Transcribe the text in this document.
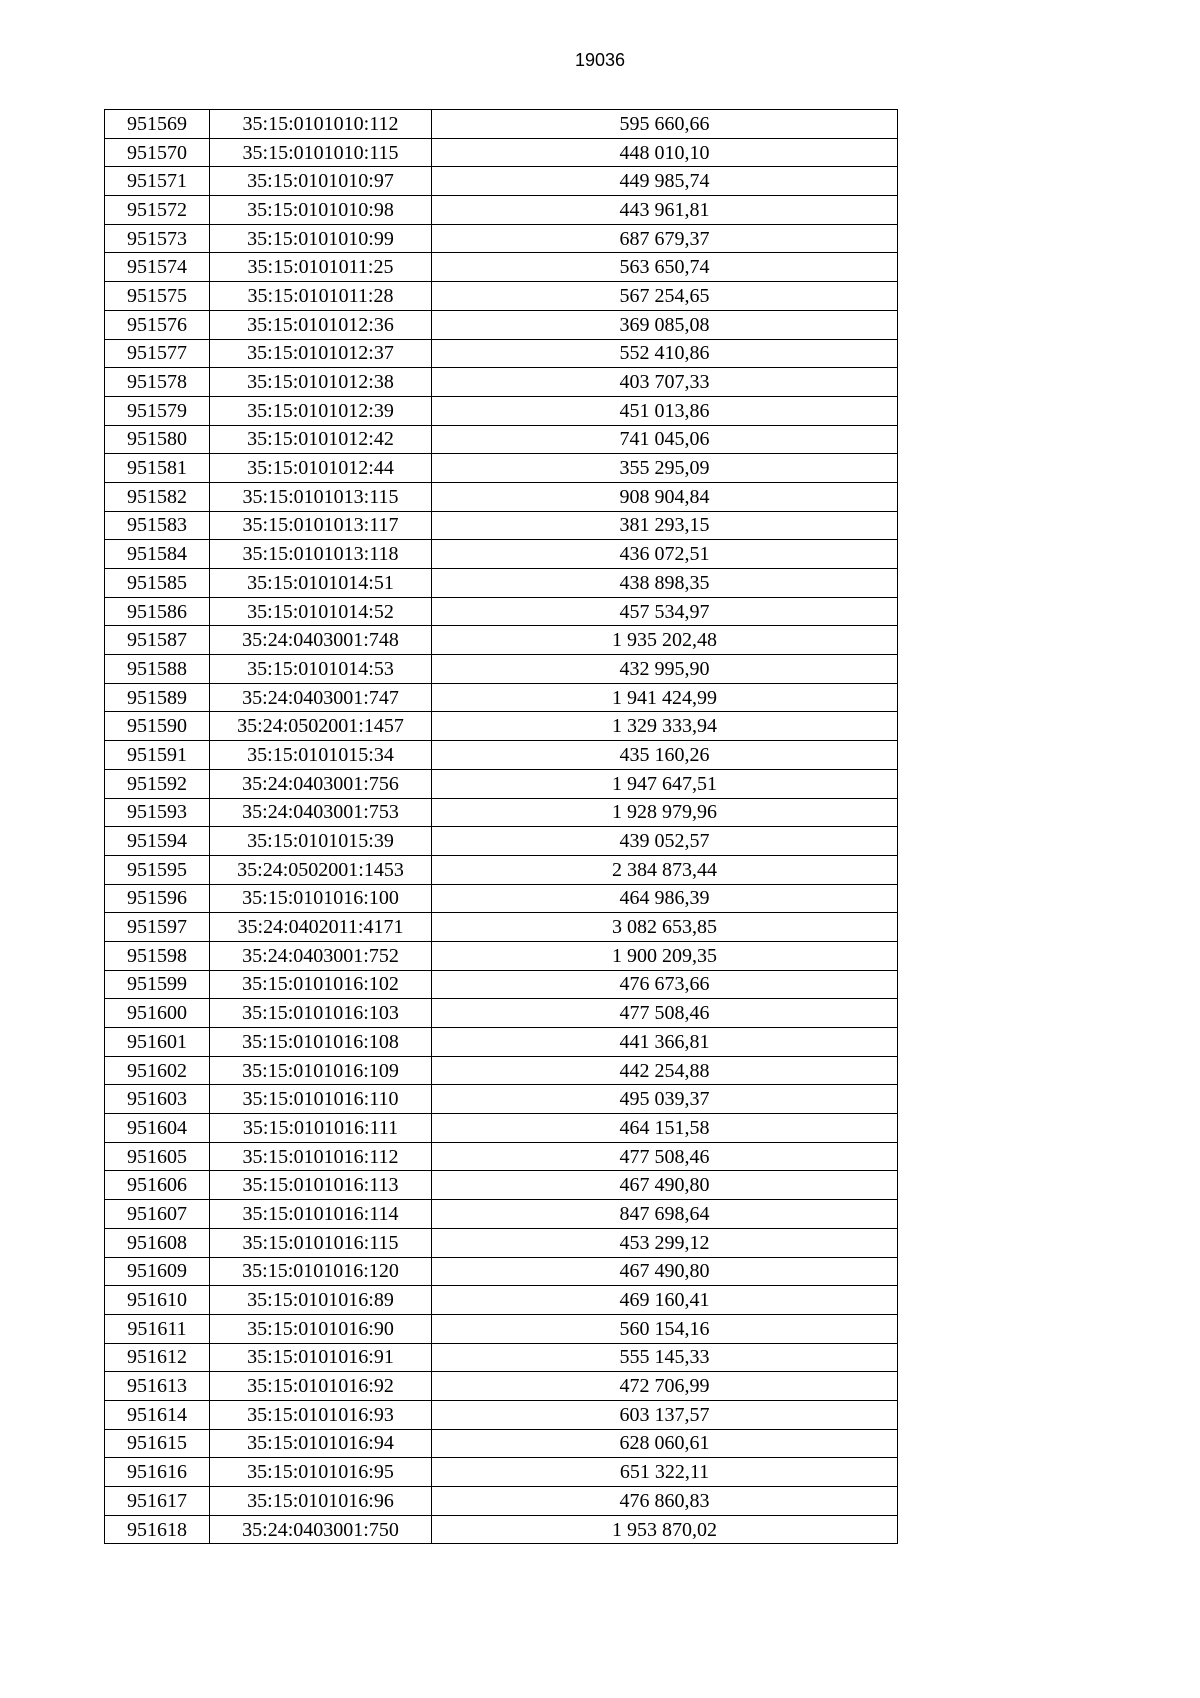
19036
951569	35:15:0101010:112	595 660,66
951570	35:15:0101010:115	448 010,10
951571	35:15:0101010:97	449 985,74
951572	35:15:0101010:98	443 961,81
951573	35:15:0101010:99	687 679,37
951574	35:15:0101011:25	563 650,74
951575	35:15:0101011:28	567 254,65
951576	35:15:0101012:36	369 085,08
951577	35:15:0101012:37	552 410,86
951578	35:15:0101012:38	403 707,33
951579	35:15:0101012:39	451 013,86
951580	35:15:0101012:42	741 045,06
951581	35:15:0101012:44	355 295,09
951582	35:15:0101013:115	908 904,84
951583	35:15:0101013:117	381 293,15
951584	35:15:0101013:118	436 072,51
951585	35:15:0101014:51	438 898,35
951586	35:15:0101014:52	457 534,97
951587	35:24:0403001:748	1 935 202,48
951588	35:15:0101014:53	432 995,90
951589	35:24:0403001:747	1 941 424,99
951590	35:24:0502001:1457	1 329 333,94
951591	35:15:0101015:34	435 160,26
951592	35:24:0403001:756	1 947 647,51
951593	35:24:0403001:753	1 928 979,96
951594	35:15:0101015:39	439 052,57
951595	35:24:0502001:1453	2 384 873,44
951596	35:15:0101016:100	464 986,39
951597	35:24:0402011:4171	3 082 653,85
951598	35:24:0403001:752	1 900 209,35
951599	35:15:0101016:102	476 673,66
951600	35:15:0101016:103	477 508,46
951601	35:15:0101016:108	441 366,81
951602	35:15:0101016:109	442 254,88
951603	35:15:0101016:110	495 039,37
951604	35:15:0101016:111	464 151,58
951605	35:15:0101016:112	477 508,46
951606	35:15:0101016:113	467 490,80
951607	35:15:0101016:114	847 698,64
951608	35:15:0101016:115	453 299,12
951609	35:15:0101016:120	467 490,80
951610	35:15:0101016:89	469 160,41
951611	35:15:0101016:90	560 154,16
951612	35:15:0101016:91	555 145,33
951613	35:15:0101016:92	472 706,99
951614	35:15:0101016:93	603 137,57
951615	35:15:0101016:94	628 060,61
951616	35:15:0101016:95	651 322,11
951617	35:15:0101016:96	476 860,83
951618	35:24:0403001:750	1 953 870,02
